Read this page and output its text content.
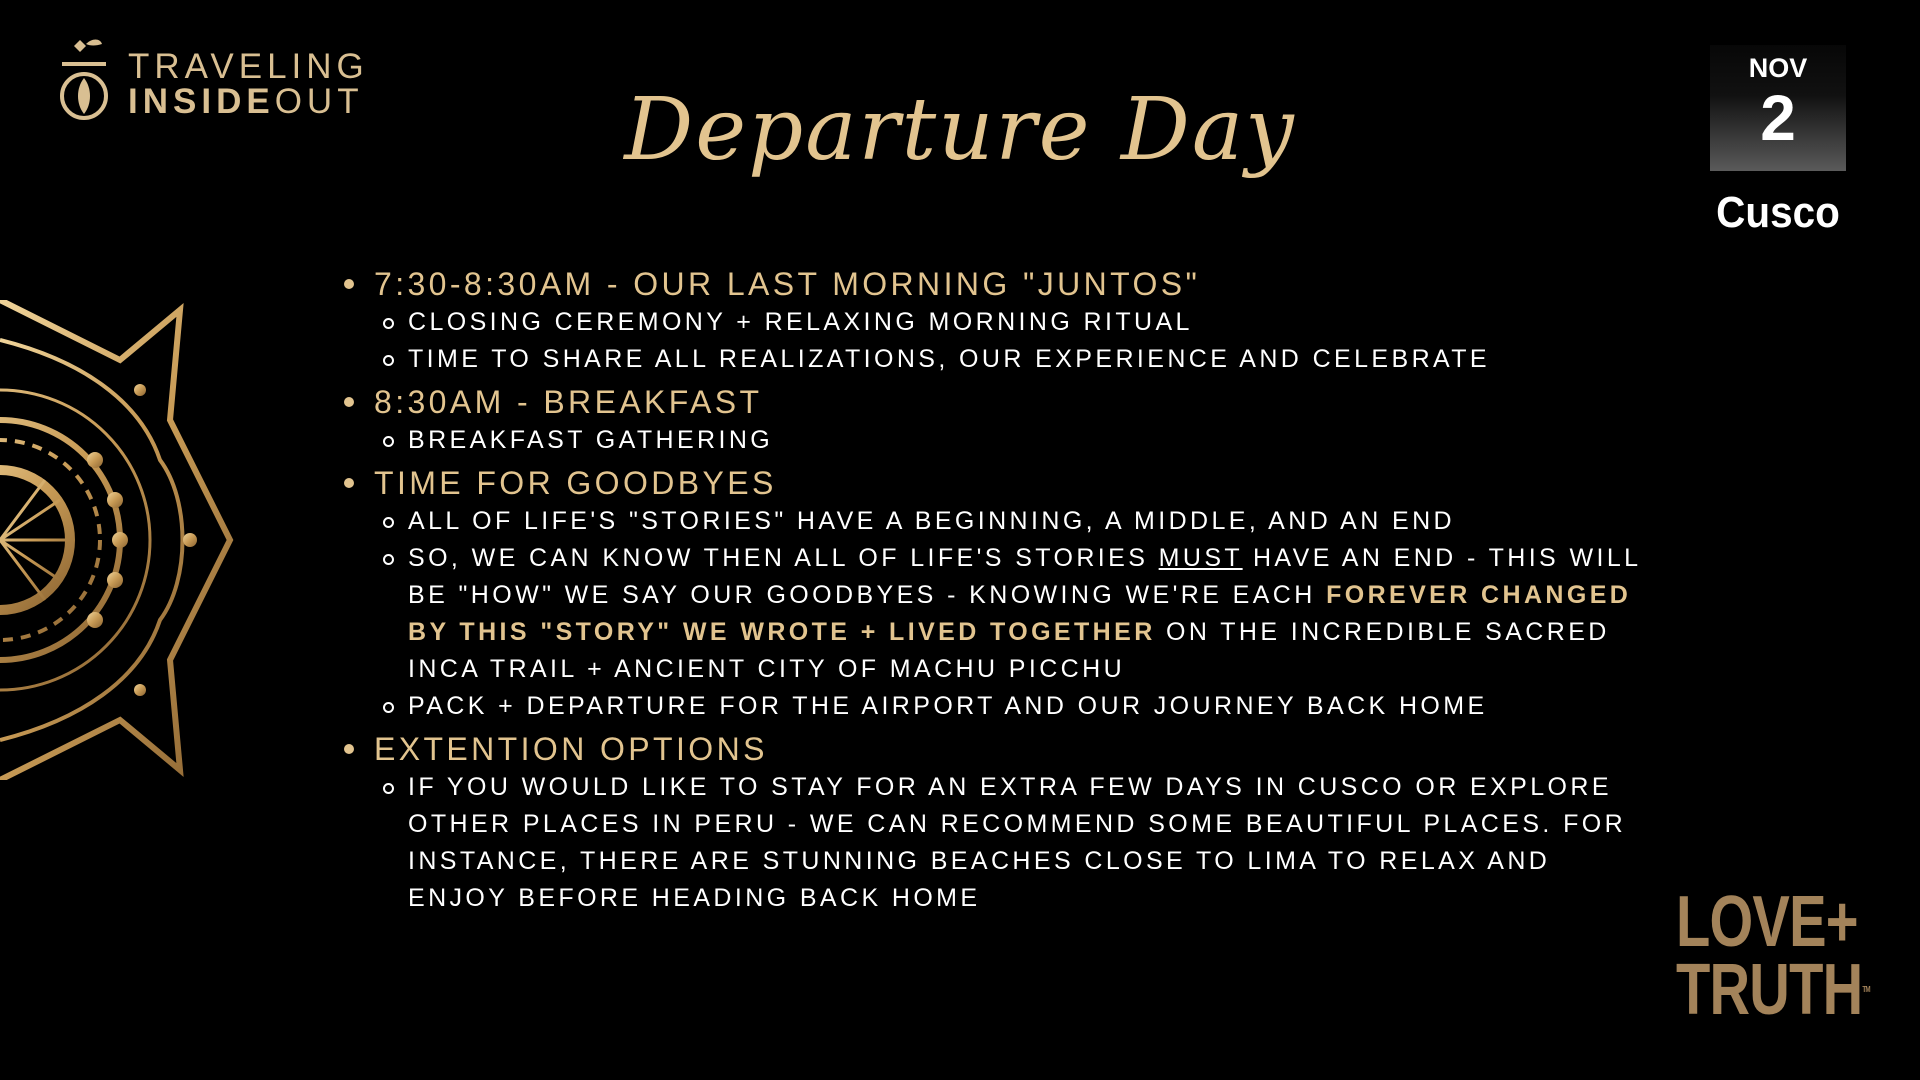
TRAVELING
INSIDEOUT	Departure Day
NOV
2
Cusco

7:30-8:30AM - OUR LAST MORNING "JUNTOS"

CLOSING CEREMONY + RELAXING MORNING RITUAL
TIME TO SHARE ALL REALIZATIONS, OUR EXPERIENCE AND CELEBRATE

8:30AM - BREAKFAST

BREAKFAST GATHERING

TIME FOR GOODBYES

ALL OF LIFE'S "STORIES" HAVE A BEGINNING, A MIDDLE, AND AN END
SO, WE CAN KNOW THEN ALL OF LIFE'S STORIES MUST HAVE AN END - THIS WILL BE "HOW" WE SAY OUR GOODBYES - KNOWING WE'RE EACH FOREVER CHANGED BY THIS "STORY" WE WROTE + LIVED TOGETHER ON THE INCREDIBLE SACRED INCA TRAIL + ANCIENT CITY OF MACHU PICCHU
PACK + DEPARTURE FOR THE AIRPORT AND OUR JOURNEY BACK HOME

EXTENTION OPTIONS

IF YOU WOULD LIKE TO STAY FOR AN EXTRA FEW DAYS IN CUSCO OR EXPLORE OTHER PLACES IN PERU - WE CAN RECOMMEND SOME BEAUTIFUL PLACES. FOR INSTANCE, THERE ARE STUNNING BEACHES CLOSE TO LIMA TO RELAX AND ENJOY BEFORE HEADING BACK HOME	LOVE+
TRUTHTM
